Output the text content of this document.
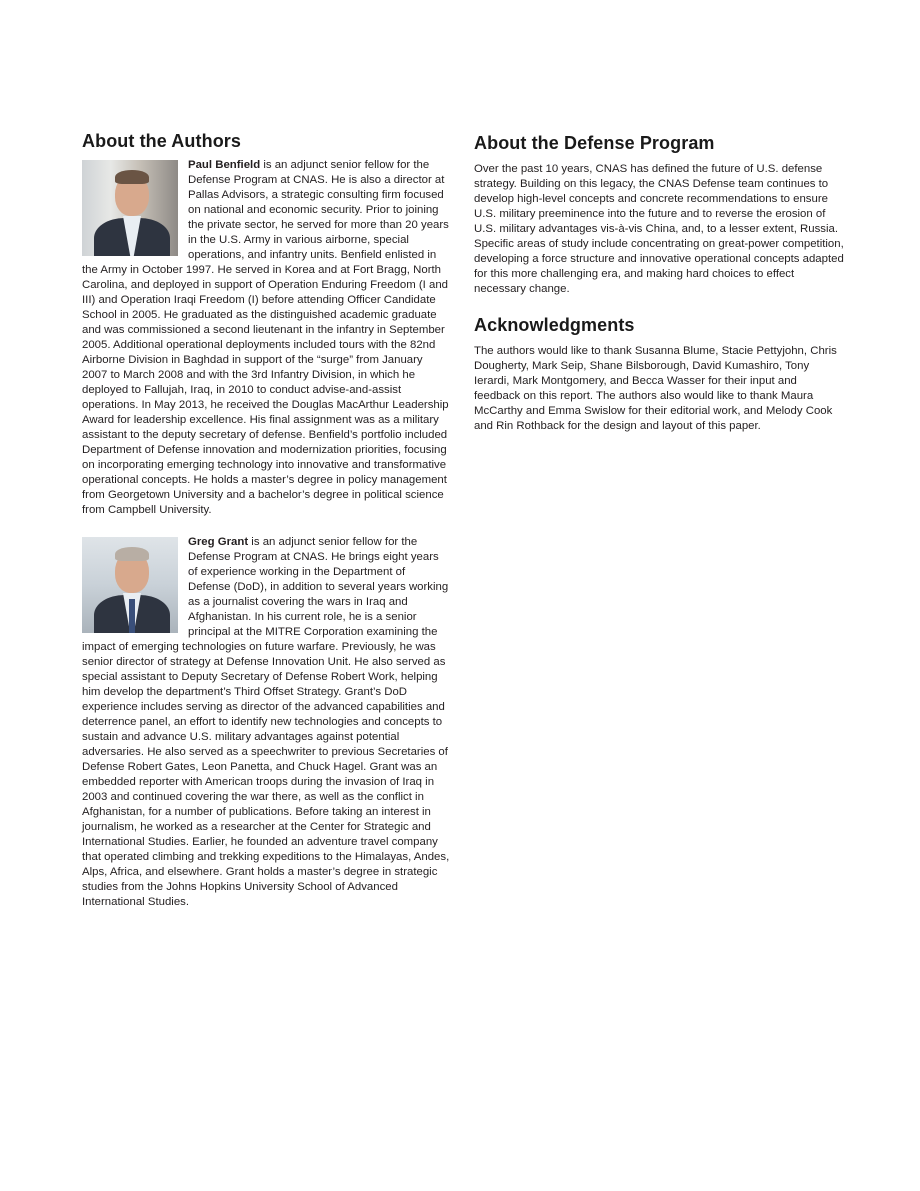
About the Authors

Paul Benfield is an adjunct senior fellow for the Defense Program at CNAS. He is also a director at Pallas Advisors, a strategic consulting firm focused on national and economic security. Prior to joining the private sector, he served for more than 20 years in the U.S. Army in various airborne, special operations, and infantry units. Benfield enlisted in the Army in October 1997. He served in Korea and at Fort Bragg, North Carolina, and deployed in support of Operation Enduring Freedom (I and III) and Operation Iraqi Freedom (I) before attending Officer Candidate School in 2005. He graduated as the distinguished academic graduate and was commissioned a second lieutenant in the infantry in September 2005. Additional operational deployments included tours with the 82nd Airborne Division in Baghdad in support of the “surge” from January 2007 to March 2008 and with the 3rd Infantry Division, in which he deployed to Fallujah, Iraq, in 2010 to conduct advise-and-assist operations. In May 2013, he received the Douglas MacArthur Leadership Award for leadership excellence. His final assignment was as a military assistant to the deputy secretary of defense. Benfield’s portfolio included Department of Defense innovation and modernization priorities, focusing on incorporating emerging technology into innovative and transformative operational concepts. He holds a master’s degree in policy management from Georgetown University and a bachelor’s degree in political science from Campbell University.

Greg Grant is an adjunct senior fellow for the Defense Program at CNAS. He brings eight years of experience working in the Department of Defense (DoD), in addition to several years working as a journalist covering the wars in Iraq and Afghanistan. In his current role, he is a senior principal at the MITRE Corporation examining the impact of emerging technologies on future warfare. Previously, he was senior director of strategy at Defense Innovation Unit. He also served as special assistant to Deputy Secretary of Defense Robert Work, helping him develop the department’s Third Offset Strategy. Grant’s DoD experience includes serving as director of the advanced capabilities and deterrence panel, an effort to identify new technologies and concepts to sustain and advance U.S. military advantages against potential adversaries. He also served as a speechwriter to previous Secretaries of Defense Robert Gates, Leon Panetta, and Chuck Hagel. Grant was an embedded reporter with American troops during the invasion of Iraq in 2003 and continued covering the war there, as well as the conflict in Afghanistan, for a number of publications. Before taking an interest in journalism, he worked as a researcher at the Center for Strategic and International Studies. Earlier, he founded an adventure travel company that operated climbing and trekking expeditions to the Himalayas, Andes, Alps, Africa, and elsewhere. Grant holds a master’s degree in strategic studies from the Johns Hopkins University School of Advanced International Studies.

About the Defense Program

Over the past 10 years, CNAS has defined the future of U.S. defense strategy. Building on this legacy, the CNAS Defense team continues to develop high-level concepts and concrete recommendations to ensure U.S. military preeminence into the future and to reverse the erosion of U.S. military advantages vis-à-vis China, and, to a lesser extent, Russia. Specific areas of study include concentrating on great-power competition, developing a force structure and innovative operational concepts adapted for this more challenging era, and making hard choices to effect necessary change.

Acknowledgments

The authors would like to thank Susanna Blume, Stacie Pettyjohn, Chris Dougherty, Mark Seip, Shane Bilsborough, David Kumashiro, Tony Ierardi, Mark Montgomery, and Becca Wasser for their input and feedback on this report. The authors also would like to thank Maura McCarthy and Emma Swislow for their editorial work, and Melody Cook and Rin Rothback for the design and layout of this paper.
